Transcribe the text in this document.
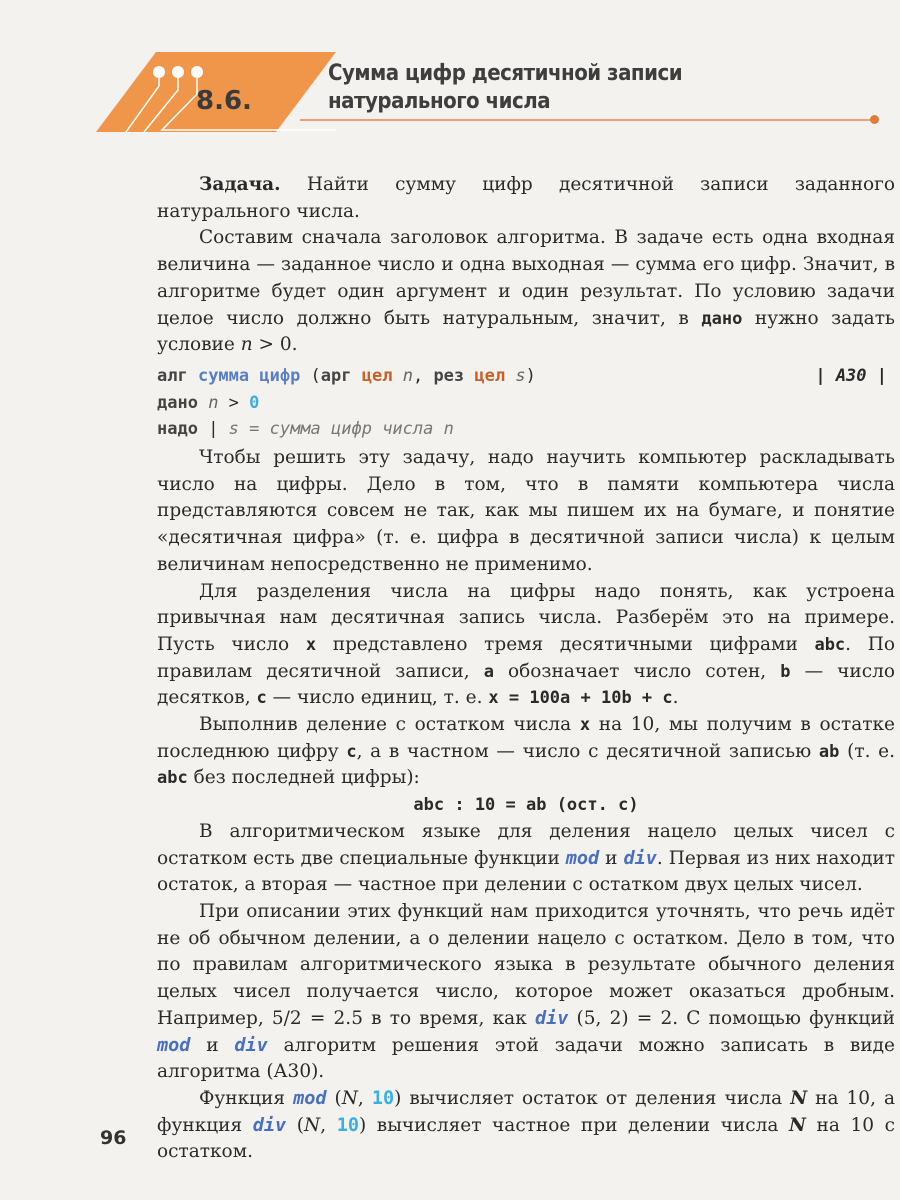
8.6.
Сумма цифр десятичной записи
натурального числа

Задача. Найти сумму цифр десятичной записи заданного натурального числа.

Составим сначала заголовок алгоритма. В задаче есть одна входная величина — заданное число и одна выходная — сумма его цифр. Значит, в алгоритме будет один аргумент и один результат. По условию задачи целое число должно быть натуральным, значит, в дано нужно задать условие n > 0.

алг сумма цифр (арг цел n, рез цел s)	| A30 |
дано n > 0
надо | s = сумма цифр числа n

Чтобы решить эту задачу, надо научить компьютер раскладывать число на цифры. Дело в том, что в памяти компьютера числа представляются совсем не так, как мы пишем их на бумаге, и понятие «десятичная цифра» (т. е. цифра в десятичной записи числа) к целым величинам непосредственно не применимо.

Для разделения числа на цифры надо понять, как устроена привычная нам десятичная запись числа. Разберём это на примере. Пусть число x представлено тремя десятичными цифрами abc. По правилам десятичной записи, a обозначает число сотен, b — число десятков, c — число единиц, т. е. x = 100a + 10b + c.

Выполнив деление с остатком числа x на 10, мы получим в остатке последнюю цифру c, а в частном — число с десятичной записью ab (т. е. abc без последней цифры):

abc : 10 = ab (ост. c)

В алгоритмическом языке для деления нацело целых чисел с остатком есть две специальные функции mod и div. Первая из них находит остаток, а вторая — частное при делении с остатком двух целых чисел.

При описании этих функций нам приходится уточнять, что речь идёт не об обычном делении, а о делении нацело с остатком. Дело в том, что по правилам алгоритмического языка в результате обычного деления целых чисел получается число, которое может оказаться дробным. Например, 5/2 = 2.5 в то время, как div (5, 2) = 2. С помощью функций mod и div алгоритм решения этой задачи можно записать в виде алгоритма (А30).

Функция mod (N, 10) вычисляет остаток от деления числа N на 10, а функция div (N, 10) вычисляет частное при делении числа N на 10 с остатком.

96
